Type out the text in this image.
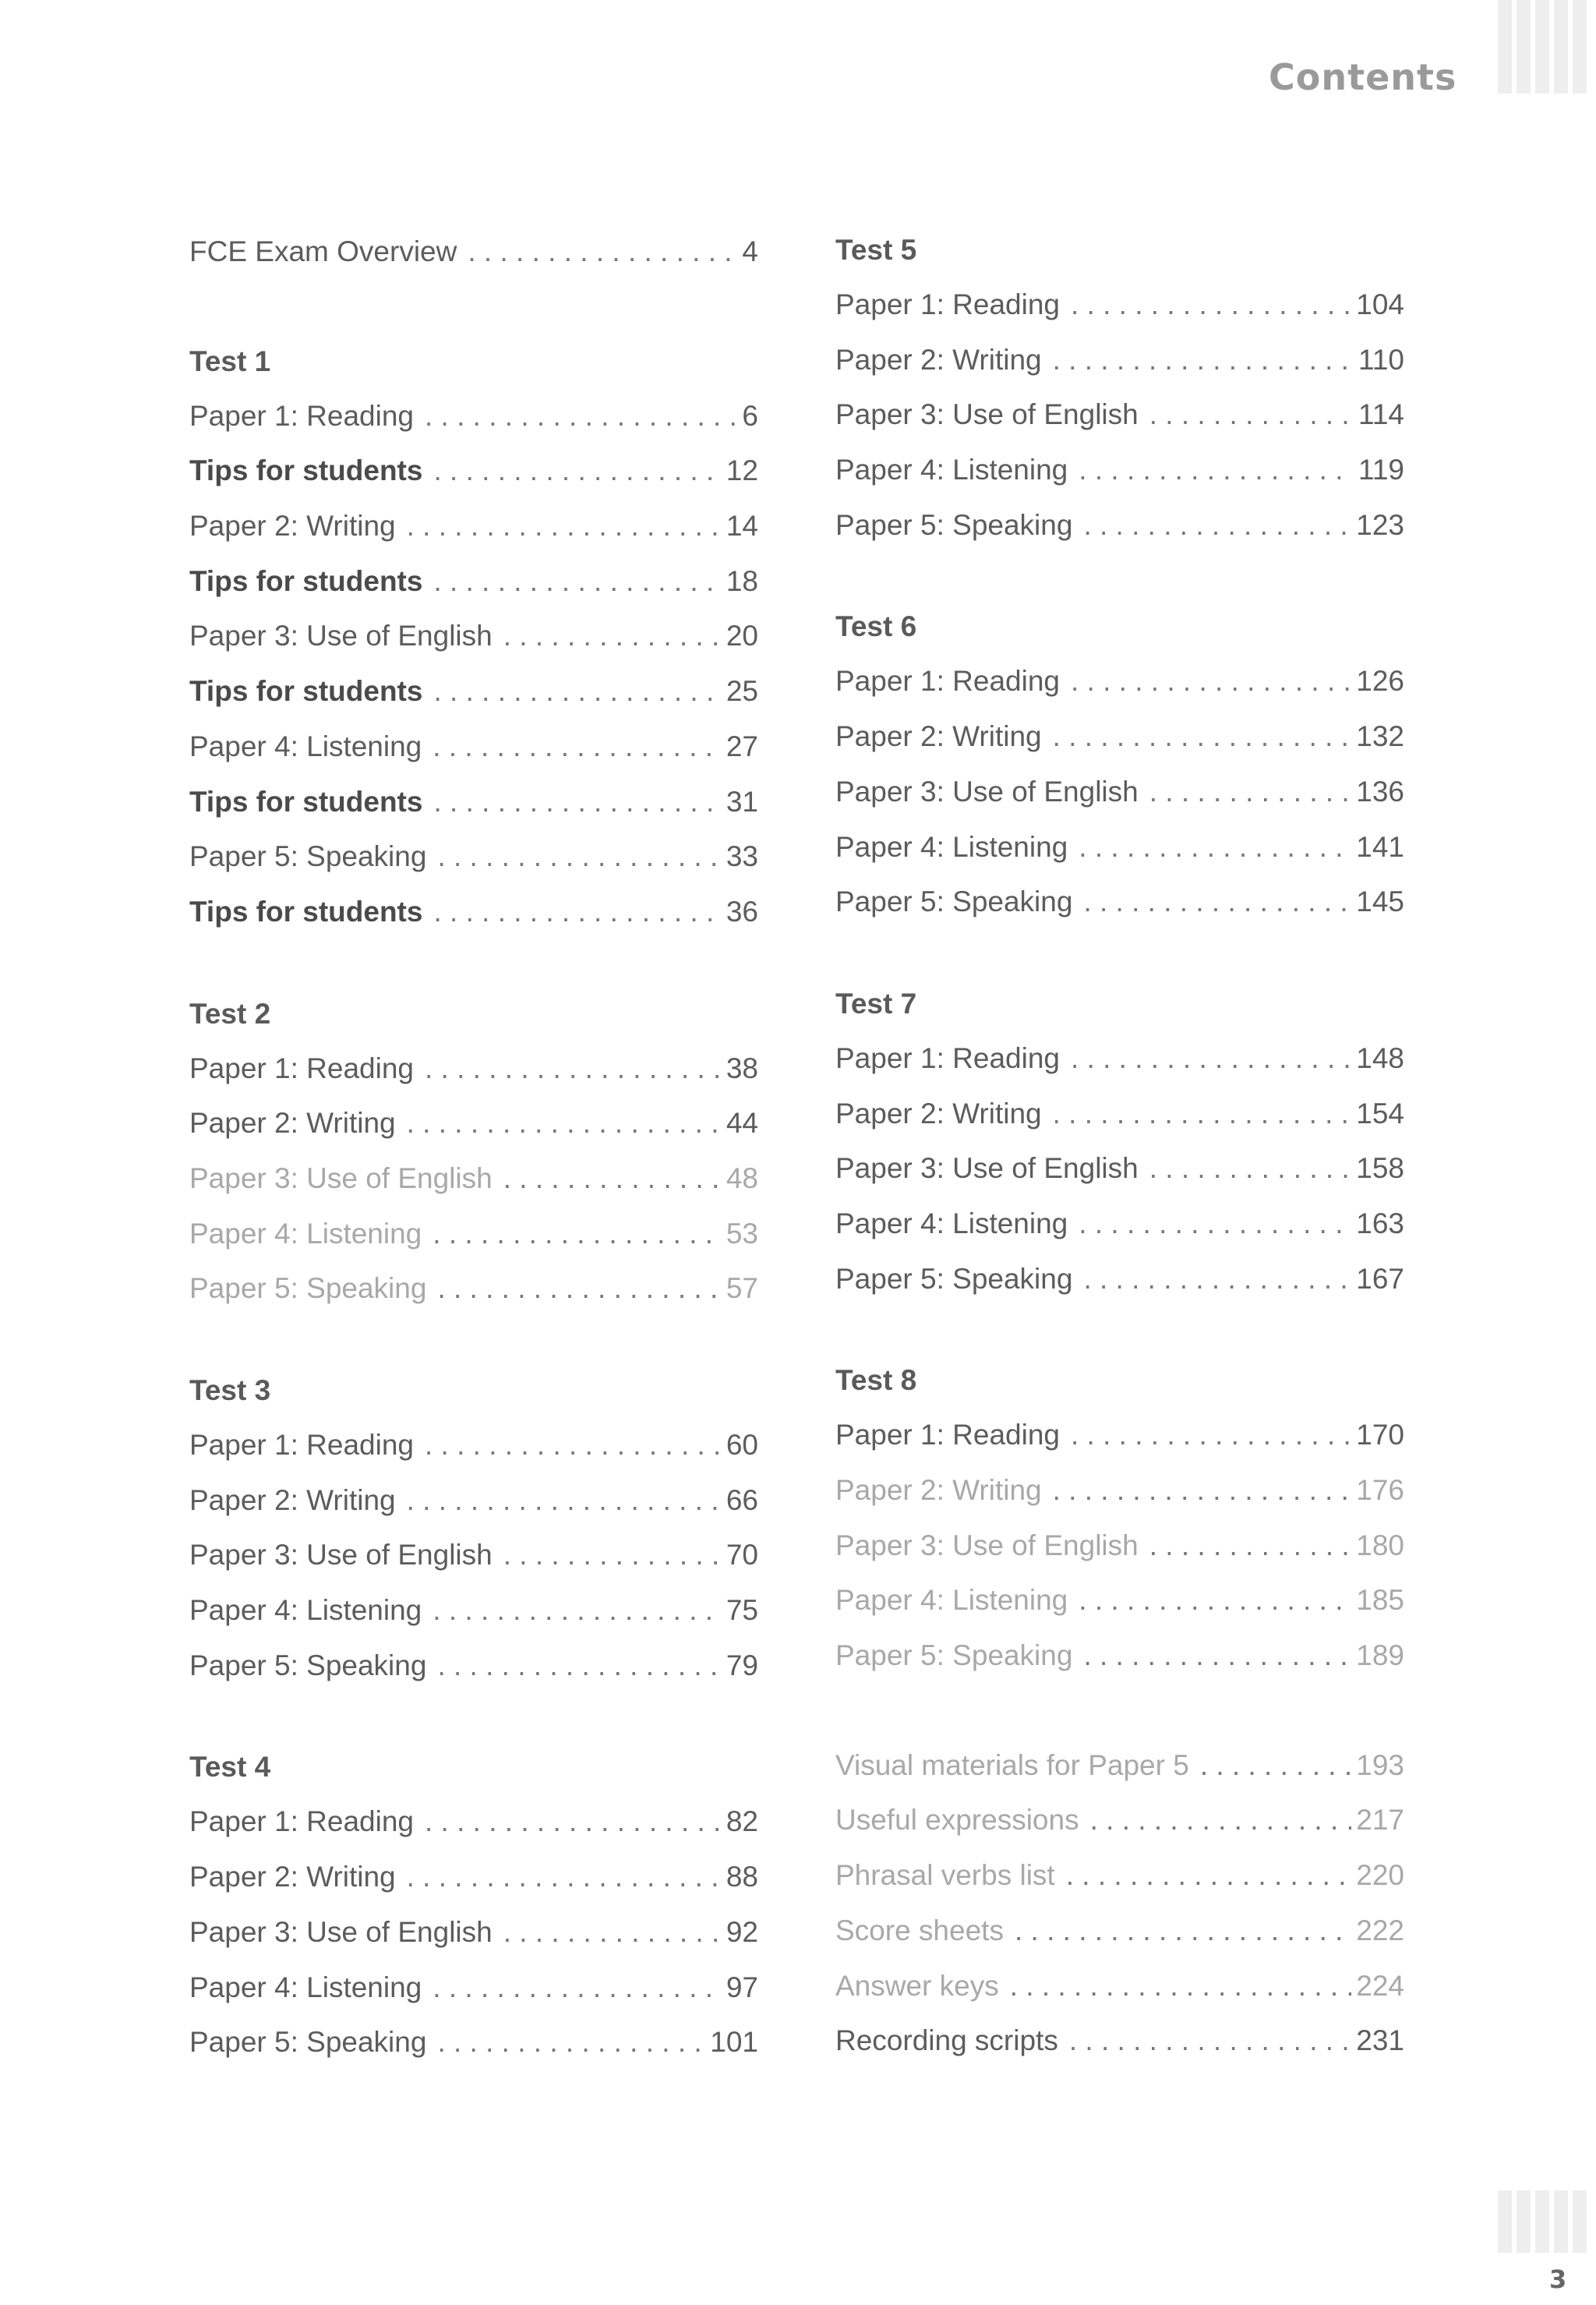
Contents
FCE Exam Overview . . .	4
Test 1
Paper 1: Reading . . .	6
Tips for students . . .	12
Paper 2: Writing . . .	14
Tips for students . . .	18
Paper 3: Use of English . . .	20
Tips for students . . .	25
Paper 4: Listening . . .	27
Tips for students . . .	31
Paper 5: Speaking . . .	33
Tips for students . . .	36
Test 2
Paper 1: Reading . . .	38
Paper 2: Writing . . .	44
Paper 3: Use of English . . .	48
Paper 4: Listening . . .	53
Paper 5: Speaking . . .	57
Test 3
Paper 1: Reading . . .	60
Paper 2: Writing . . .	66
Paper 3: Use of English . . .	70
Paper 4: Listening . . .	75
Paper 5: Speaking . . .	79
Test 4
Paper 1: Reading . . .	82
Paper 2: Writing . . .	88
Paper 3: Use of English . . .	92
Paper 4: Listening . . .	97
Paper 5: Speaking . . .	101
Test 5
Paper 1: Reading . . .	104
Paper 2: Writing . . .	110
Paper 3: Use of English . . .	114
Paper 4: Listening . . .	119
Paper 5: Speaking . . .	123
Test 6
Paper 1: Reading . . .	126
Paper 2: Writing . . .	132
Paper 3: Use of English . . .	136
Paper 4: Listening . . .	141
Paper 5: Speaking . . .	145
Test 7
Paper 1: Reading . . .	148
Paper 2: Writing . . .	154
Paper 3: Use of English . . .	158
Paper 4: Listening . . .	163
Paper 5: Speaking . . .	167
Test 8
Paper 1: Reading . . .	170
Paper 2: Writing . . .	176
Paper 3: Use of English . . .	180
Paper 4: Listening . . .	185
Paper 5: Speaking . . .	189
Visual materials for Paper 5 . . .	193
Useful expressions . . .	217
Phrasal verbs list . . .	220
Score sheets . . .	222
Answer keys . . .	224
Recording scripts . . .	231
3
